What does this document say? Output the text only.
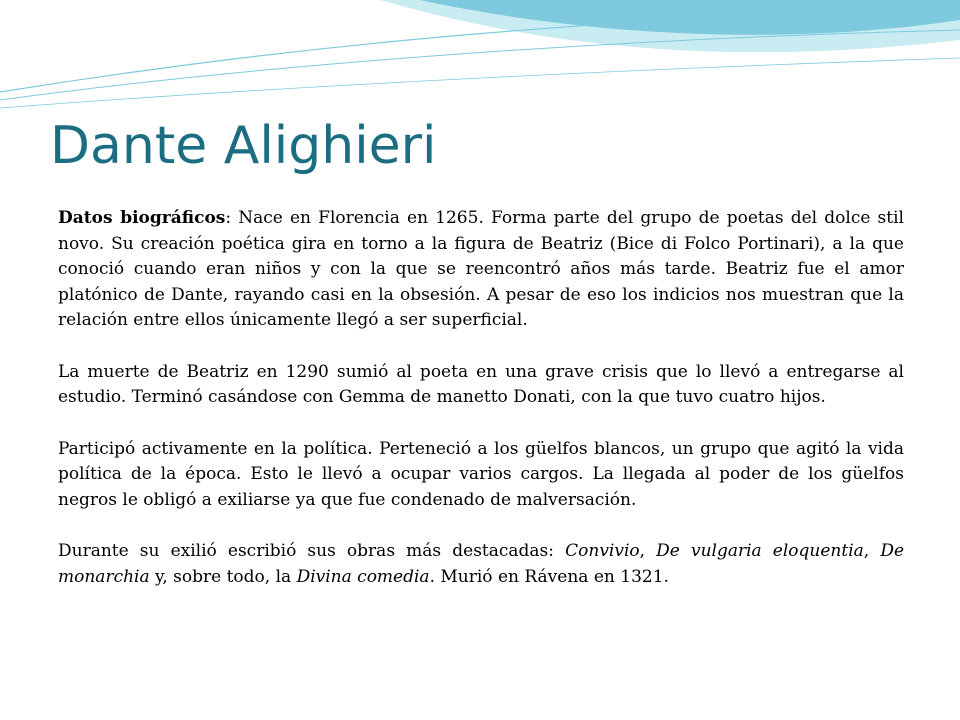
Dante Alighieri

Datos biográficos: Nace en Florencia en 1265. Forma parte del grupo de poetas del dolce stil novo. Su creación poética gira en torno a la figura de Beatriz (Bice di Folco Portinari), a la que conoció cuando eran niños y con la que se reencontró años más tarde. Beatriz fue el amor platónico de Dante, rayando casi en la obsesión. A pesar de eso los indicios nos muestran que la relación entre ellos únicamente llegó a ser superficial.

La muerte de Beatriz en 1290 sumió al poeta en una grave crisis que lo llevó a entregarse al estudio. Terminó casándose con Gemma de manetto Donati, con la que tuvo cuatro hijos.

Participó activamente en la política. Perteneció a los güelfos blancos, un grupo que agitó la vida política de la época. Esto le llevó a ocupar varios cargos. La llegada al poder de los güelfos negros le obligó a exiliarse ya que fue condenado de malversación.

Durante su exilió escribió sus obras más destacadas: Convivio, De vulgaria eloquentia, De monarchia y, sobre todo, la Divina comedia. Murió en Rávena en 1321.
